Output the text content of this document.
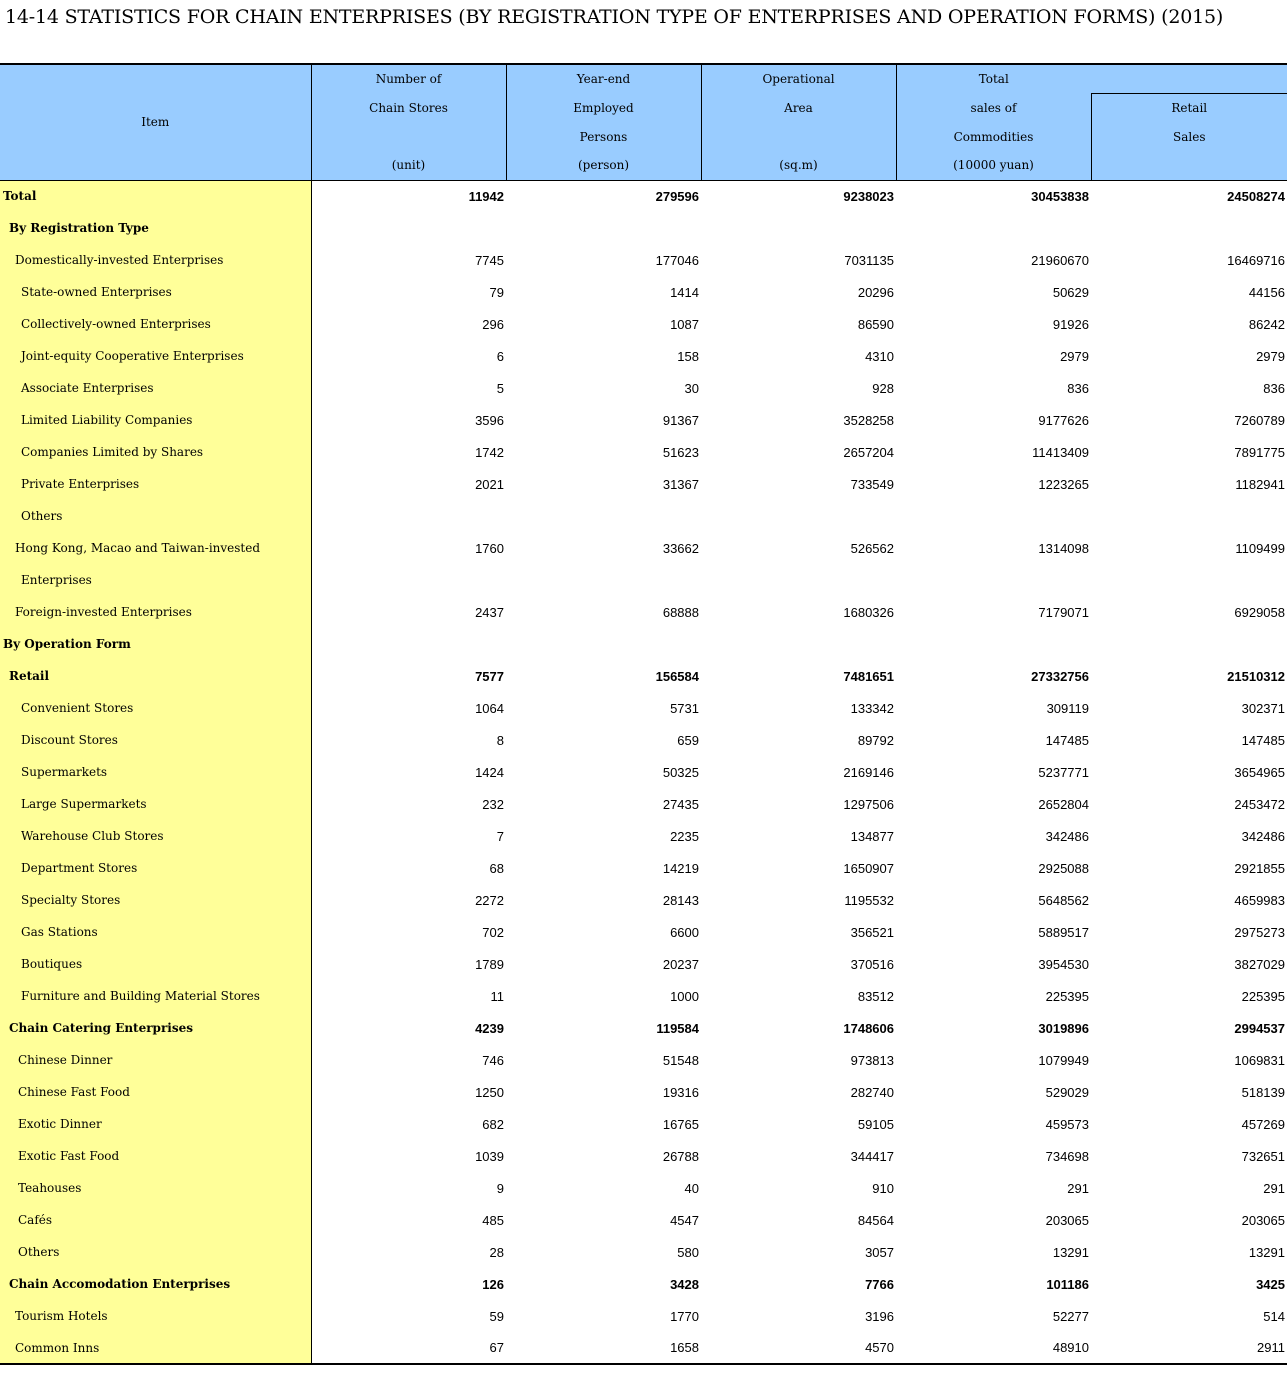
14-14 STATISTICS FOR CHAIN ENTERPRISES (BY REGISTRATION TYPE OF ENTERPRISES AND OPERATION FORMS) (2015)
Item	Number of	Year-end	Operational	Total	
	Chain Stores	Employed	Area	sales of	Retail
		Persons		Commodities	Sales
	(unit)	(person)	(sq.m)	(10000 yuan)	
Total	11942	279596	9238023	30453838	24508274
By Registration Type					
Domestically-invested Enterprises	7745	177046	7031135	21960670	16469716
State-owned Enterprises	79	1414	20296	50629	44156
Collectively-owned Enterprises	296	1087	86590	91926	86242
Joint-equity Cooperative Enterprises	6	158	4310	2979	2979
Associate Enterprises	5	30	928	836	836
Limited Liability Companies	3596	91367	3528258	9177626	7260789
Companies Limited by Shares	1742	51623	2657204	11413409	7891775
Private Enterprises	2021	31367	733549	1223265	1182941
Others					
Hong Kong, Macao and Taiwan-invested	1760	33662	526562	1314098	1109499
Enterprises					
Foreign-invested Enterprises	2437	68888	1680326	7179071	6929058
By Operation Form					
Retail	7577	156584	7481651	27332756	21510312
Convenient Stores	1064	5731	133342	309119	302371
Discount Stores	8	659	89792	147485	147485
Supermarkets	1424	50325	2169146	5237771	3654965
Large Supermarkets	232	27435	1297506	2652804	2453472
Warehouse Club Stores	7	2235	134877	342486	342486
Department Stores	68	14219	1650907	2925088	2921855
Specialty Stores	2272	28143	1195532	5648562	4659983
Gas Stations	702	6600	356521	5889517	2975273
Boutiques	1789	20237	370516	3954530	3827029
Furniture and Building Material Stores	11	1000	83512	225395	225395
Chain Catering Enterprises	4239	119584	1748606	3019896	2994537
Chinese Dinner	746	51548	973813	1079949	1069831
Chinese Fast Food	1250	19316	282740	529029	518139
Exotic Dinner	682	16765	59105	459573	457269
Exotic Fast Food	1039	26788	344417	734698	732651
Teahouses	9	40	910	291	291
Cafés	485	4547	84564	203065	203065
Others	28	580	3057	13291	13291
Chain Accomodation Enterprises	126	3428	7766	101186	3425
Tourism Hotels	59	1770	3196	52277	514
Common Inns	67	1658	4570	48910	2911
